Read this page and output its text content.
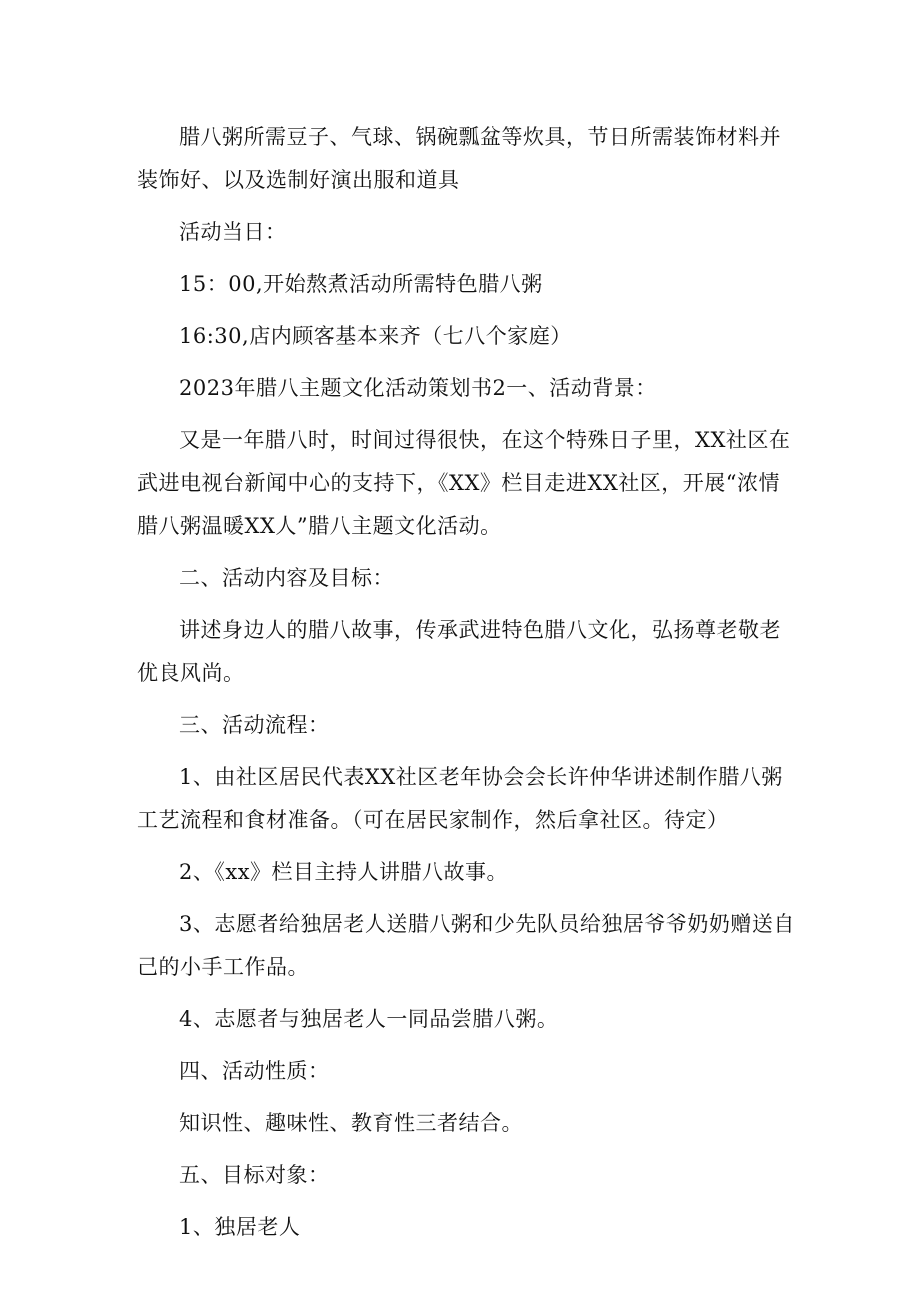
腊八粥所需豆子、气球、锅碗瓢盆等炊具，节日所需装饰材料并装饰好、以及选制好演出服和道具

活动当日：

15：00,开始熬煮活动所需特色腊八粥

16:30,店内顾客基本来齐（七八个家庭）

2023年腊八主题文化活动策划书2一、活动背景：

又是一年腊八时，时间过得很快，在这个特殊日子里，XX社区在武进电视台新闻中心的支持下，《XX》栏目走进XX社区，开展“浓情腊八粥温暖XX人”腊八主题文化活动。

二、活动内容及目标：

讲述身边人的腊八故事，传承武进特色腊八文化，弘扬尊老敬老优良风尚。

三、活动流程：

1、由社区居民代表XX社区老年协会会长许仲华讲述制作腊八粥工艺流程和食材准备。（可在居民家制作，然后拿社区。待定）

2、《xx》栏目主持人讲腊八故事。

3、志愿者给独居老人送腊八粥和少先队员给独居爷爷奶奶赠送自己的小手工作品。

4、志愿者与独居老人一同品尝腊八粥。

四、活动性质：

知识性、趣味性、教育性三者结合。

五、目标对象：

1、独居老人
